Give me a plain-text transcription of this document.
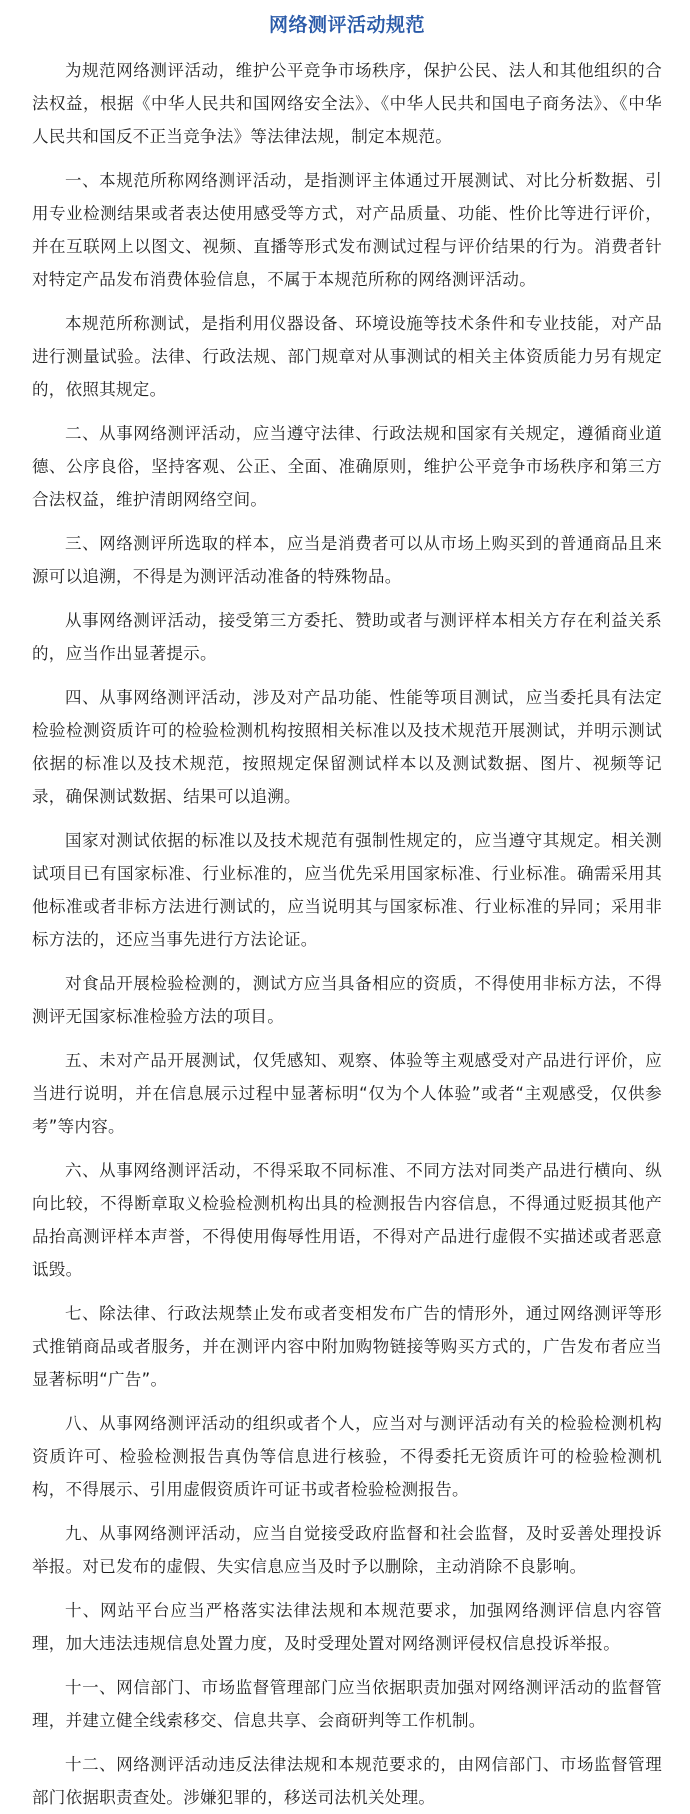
网络测评活动规范

为规范网络测评活动，维护公平竞争市场秩序，保护公民、法人和其他组织的合法权益，根据《中华人民共和国网络安全法》、《中华人民共和国电子商务法》、《中华人民共和国反不正当竞争法》等法律法规，制定本规范。

一、本规范所称网络测评活动，是指测评主体通过开展测试、对比分析数据、引用专业检测结果或者表达使用感受等方式，对产品质量、功能、性价比等进行评价，并在互联网上以图文、视频、直播等形式发布测试过程与评价结果的行为。消费者针对特定产品发布消费体验信息，不属于本规范所称的网络测评活动。

本规范所称测试，是指利用仪器设备、环境设施等技术条件和专业技能，对产品进行测量试验。法律、行政法规、部门规章对从事测试的相关主体资质能力另有规定的，依照其规定。

二、从事网络测评活动，应当遵守法律、行政法规和国家有关规定，遵循商业道德、公序良俗，坚持客观、公正、全面、准确原则，维护公平竞争市场秩序和第三方合法权益，维护清朗网络空间。

三、网络测评所选取的样本，应当是消费者可以从市场上购买到的普通商品且来源可以追溯，不得是为测评活动准备的特殊物品。

从事网络测评活动，接受第三方委托、赞助或者与测评样本相关方存在利益关系的，应当作出显著提示。

四、从事网络测评活动，涉及对产品功能、性能等项目测试，应当委托具有法定检验检测资质许可的检验检测机构按照相关标准以及技术规范开展测试，并明示测试依据的标准以及技术规范，按照规定保留测试样本以及测试数据、图片、视频等记录，确保测试数据、结果可以追溯。

国家对测试依据的标准以及技术规范有强制性规定的，应当遵守其规定。相关测试项目已有国家标准、行业标准的，应当优先采用国家标准、行业标准。确需采用其他标准或者非标方法进行测试的，应当说明其与国家标准、行业标准的异同；采用非标方法的，还应当事先进行方法论证。

对食品开展检验检测的，测试方应当具备相应的资质，不得使用非标方法，不得测评无国家标准检验方法的项目。

五、未对产品开展测试，仅凭感知、观察、体验等主观感受对产品进行评价，应当进行说明，并在信息展示过程中显著标明“仅为个人体验”或者“主观感受，仅供参考”等内容。

六、从事网络测评活动，不得采取不同标准、不同方法对同类产品进行横向、纵向比较，不得断章取义检验检测机构出具的检测报告内容信息，不得通过贬损其他产品抬高测评样本声誉，不得使用侮辱性用语，不得对产品进行虚假不实描述或者恶意诋毁。

七、除法律、行政法规禁止发布或者变相发布广告的情形外，通过网络测评等形式推销商品或者服务，并在测评内容中附加购物链接等购买方式的，广告发布者应当显著标明“广告”。

八、从事网络测评活动的组织或者个人，应当对与测评活动有关的检验检测机构资质许可、检验检测报告真伪等信息进行核验，不得委托无资质许可的检验检测机构，不得展示、引用虚假资质许可证书或者检验检测报告。

九、从事网络测评活动，应当自觉接受政府监督和社会监督，及时妥善处理投诉举报。对已发布的虚假、失实信息应当及时予以删除，主动消除不良影响。

十、网站平台应当严格落实法律法规和本规范要求，加强网络测评信息内容管理，加大违法违规信息处置力度，及时受理处置对网络测评侵权信息投诉举报。

十一、网信部门、市场监督管理部门应当依据职责加强对网络测评活动的监督管理，并建立健全线索移交、信息共享、会商研判等工作机制。

十二、网络测评活动违反法律法规和本规范要求的，由网信部门、市场监督管理部门依据职责查处。涉嫌犯罪的，移送司法机关处理。
